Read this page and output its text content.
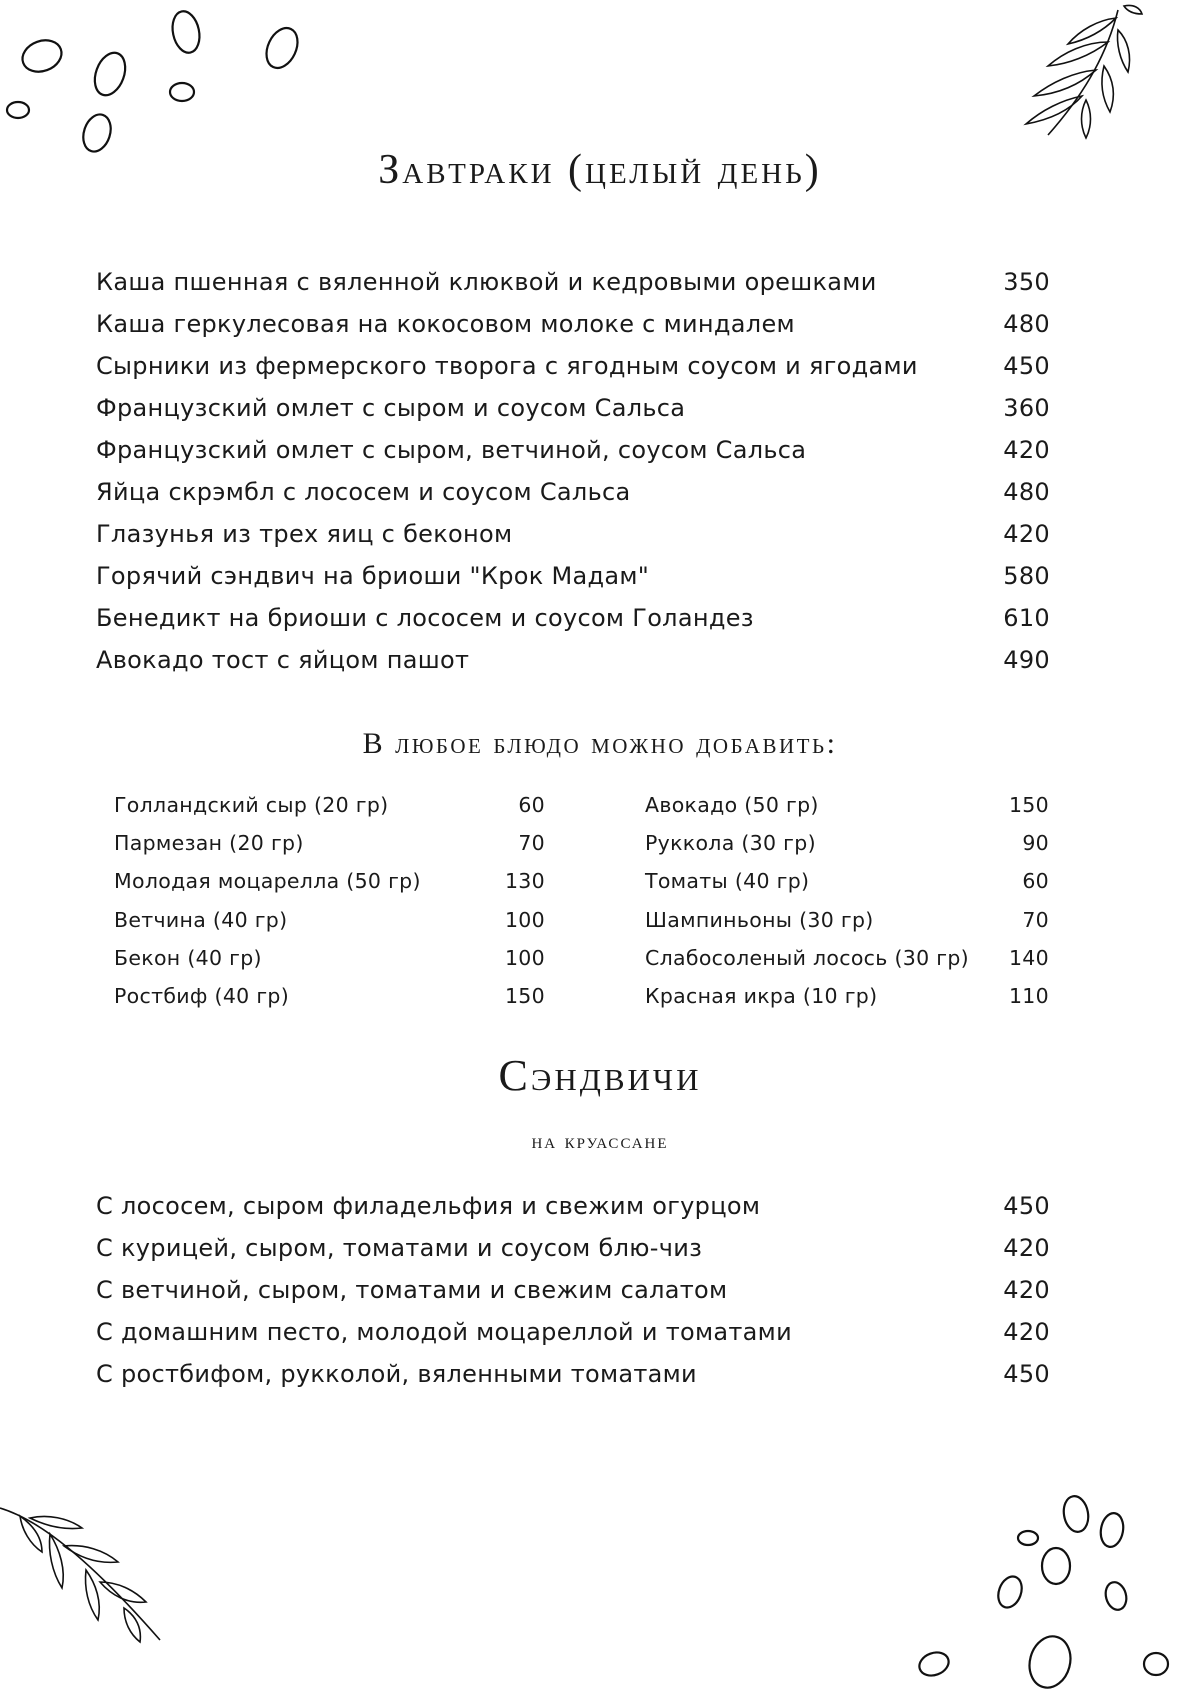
Завтраки (целый день)
Каша пшенная с вяленной клюквой и кедровыми орешками	350
Каша геркулесовая на кокосовом молоке с миндалем	480
Сырники из фермерского творога с ягодным соусом и ягодами	450
Французский омлет с сыром и соусом Сальса	360
Французский омлет с сыром, ветчиной, соусом Сальса	420
Яйца скрэмбл с лососем и соусом Сальса	480
Глазунья из трех яиц с беконом	420
Горячий сэндвич на бриоши "Крок Мадам"	580
Бенедикт на бриоши с лососем и соусом Голандез	610
Авокадо тост с яйцом пашот	490
В любое блюдо можно добавить:
Голландский сыр (20 гр)	60
Пармезан (20 гр)	70
Молодая моцарелла (50 гр)	130
Ветчина (40 гр)	100
Бекон (40 гр)	100
Ростбиф (40 гр)	150
Авокадо (50 гр)	150
Руккола (30 гр)	90
Томаты (40 гр)	60
Шампиньоны (30 гр)	70
Слабосоленый лосось (30 гр) 140
Красная икра (10 гр)	110
Сэндвичи

на круассане

С лососем, сыром филадельфия и свежим огурцом	450
С курицей, сыром, томатами и соусом блю-чиз	420
С ветчиной, сыром, томатами и свежим салатом	420
С домашним песто, молодой моцареллой и томатами	420
С ростбифом, рукколой, вяленными томатами	450
